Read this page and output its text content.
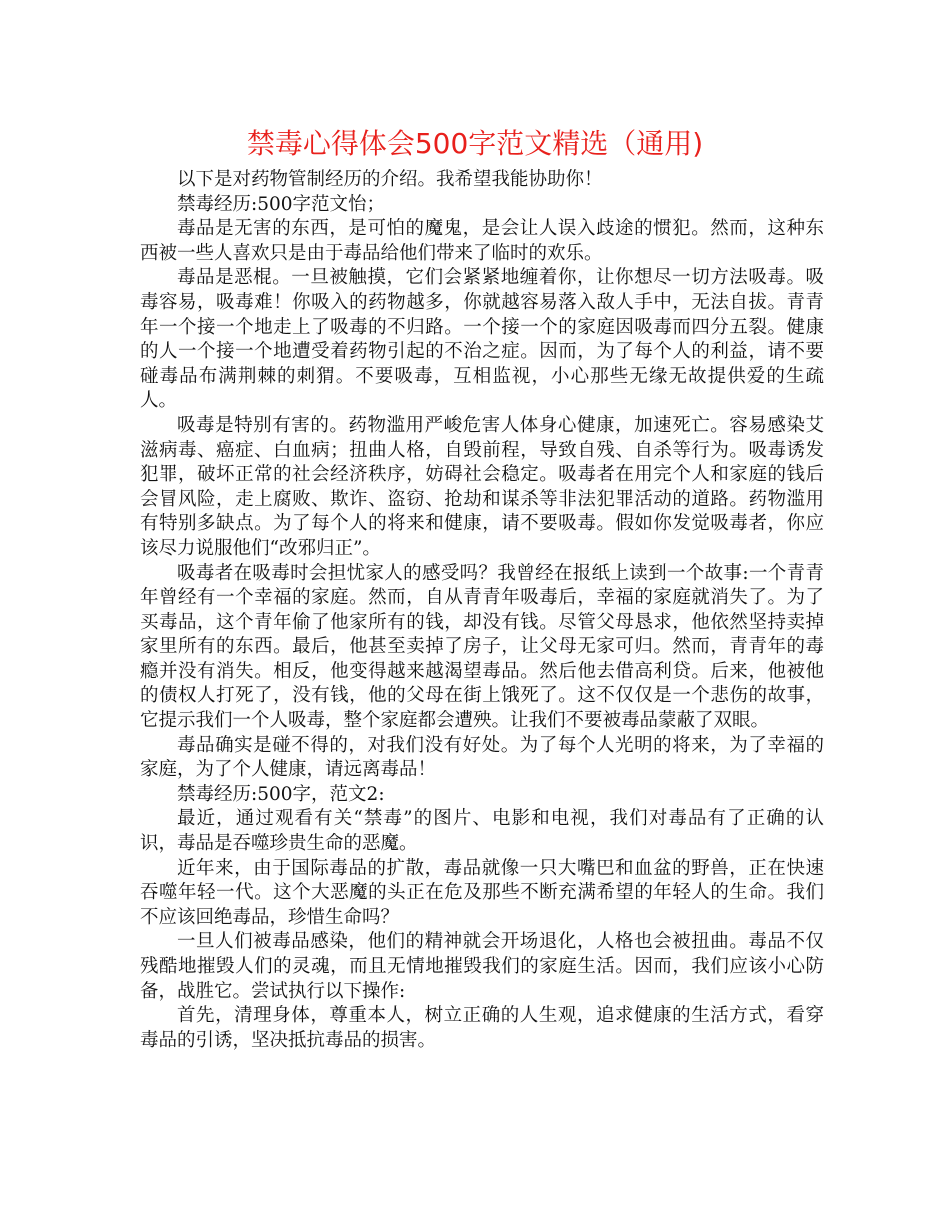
禁毒心得体会500字范文精选（通用)

以下是对药物管制经历的介绍。我希望我能协助你！

禁毒经历:500字范文怡；

毒品是无害的东西，是可怕的魔鬼，是会让人误入歧途的惯犯。然而，这种东西被一些人喜欢只是由于毒品给他们带来了临时的欢乐。

毒品是恶棍。一旦被触摸，它们会紧紧地缠着你，让你想尽一切方法吸毒。吸毒容易，吸毒难！你吸入的药物越多，你就越容易落入敌人手中，无法自拔。青青年一个接一个地走上了吸毒的不归路。一个接一个的家庭因吸毒而四分五裂。健康的人一个接一个地遭受着药物引起的不治之症。因而，为了每个人的利益，请不要碰毒品布满荆棘的刺猬。不要吸毒，互相监视，小心那些无缘无故提供爱的生疏人。

吸毒是特别有害的。药物滥用严峻危害人体身心健康，加速死亡。容易感染艾滋病毒、癌症、白血病；扭曲人格，自毁前程，导致自残、自杀等行为。吸毒诱发犯罪，破坏正常的社会经济秩序，妨碍社会稳定。吸毒者在用完个人和家庭的钱后会冒风险，走上腐败、欺诈、盗窃、抢劫和谋杀等非法犯罪活动的道路。药物滥用有特别多缺点。为了每个人的将来和健康，请不要吸毒。假如你发觉吸毒者，你应该尽力说服他们“改邪归正”。

吸毒者在吸毒时会担忧家人的感受吗？我曾经在报纸上读到一个故事:一个青青年曾经有一个幸福的家庭。然而，自从青青年吸毒后，幸福的家庭就消失了。为了买毒品，这个青年偷了他家所有的钱，却没有钱。尽管父母恳求，他依然坚持卖掉家里所有的东西。最后，他甚至卖掉了房子，让父母无家可归。然而，青青年的毒瘾并没有消失。相反，他变得越来越渴望毒品。然后他去借高利贷。后来，他被他的债权人打死了，没有钱，他的父母在街上饿死了。这不仅仅是一个悲伤的故事，它提示我们一个人吸毒，整个家庭都会遭殃。让我们不要被毒品蒙蔽了双眼。

毒品确实是碰不得的，对我们没有好处。为了每个人光明的将来，为了幸福的家庭，为了个人健康，请远离毒品！

禁毒经历:500字，范文2:

最近，通过观看有关“禁毒”的图片、电影和电视，我们对毒品有了正确的认识，毒品是吞噬珍贵生命的恶魔。

近年来，由于国际毒品的扩散，毒品就像一只大嘴巴和血盆的野兽，正在快速吞噬年轻一代。这个大恶魔的头正在危及那些不断充满希望的年轻人的生命。我们不应该回绝毒品，珍惜生命吗？

一旦人们被毒品感染，他们的精神就会开场退化，人格也会被扭曲。毒品不仅残酷地摧毁人们的灵魂，而且无情地摧毁我们的家庭生活。因而，我们应该小心防备，战胜它。尝试执行以下操作:

首先，清理身体，尊重本人，树立正确的人生观，追求健康的生活方式，看穿毒品的引诱，坚决抵抗毒品的损害。
